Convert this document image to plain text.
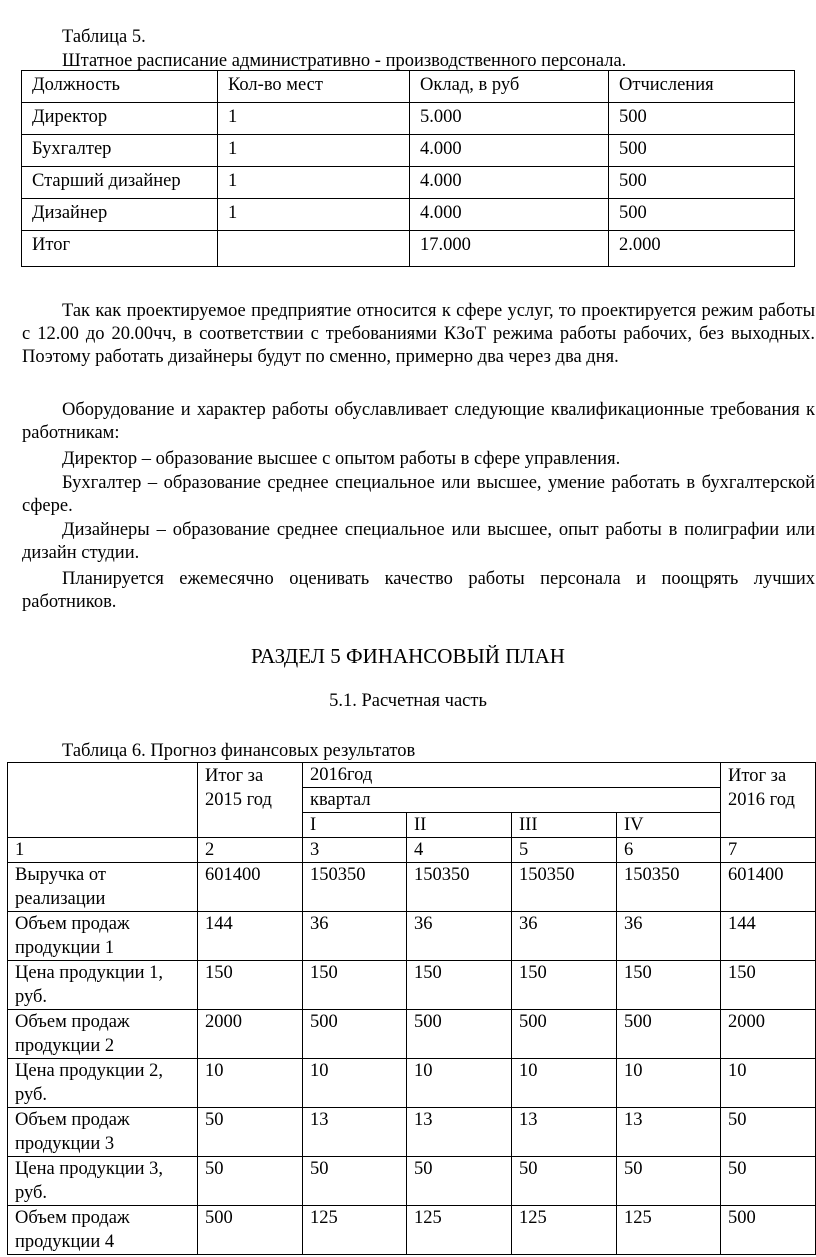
Таблица 5.
Штатное расписание административно - производственного персонала.
Должность	Кол-во мест	Оклад, в руб	Отчисления
Директор	1	5.000	500
Бухгалтер	1	4.000	500
Старший дизайнер	1	4.000	500
Дизайнер	1	4.000	500
Итог		17.000	2.000
Так как проектируемое предприятие относится к сфере услуг, то проектируется режим работы с 12.00 до 20.00чч, в соответствии с требованиями КЗоТ режима работы рабочих, без выходных. Поэтому работать дизайнеры будут по сменно, примерно два через два дня.
Оборудование и характер работы обуславливает следующие квалификационные требования к работникам:
Директор – образование высшее с опытом работы в сфере управления.
Бухгалтер – образование среднее специальное или высшее, умение работать в бухгалтерской сфере.
Дизайнеры – образование среднее специальное или высшее, опыт работы в полиграфии или дизайн студии.
Планируется ежемесячно оценивать качество работы персонала и поощрять лучших работников.
РАЗДЕЛ 5 ФИНАНСОВЫЙ ПЛАН
5.1. Расчетная часть
Таблица 6. Прогноз финансовых результатов
	Итог за 2015 год	2016год				Итог за 2016 год
		квартал				
		I	II	III	IV	
1	2	3	4	5	6	7
Выручка от реализации	601400	150350	150350	150350	150350	601400
Объем продаж продукции 1	144	36	36	36	36	144
Цена продукции 1, руб.	150	150	150	150	150	150
Объем продаж продукции 2	2000	500	500	500	500	2000
Цена продукции 2, руб.	10	10	10	10	10	10
Объем продаж продукции 3	50	13	13	13	13	50
Цена продукции 3, руб.	50	50	50	50	50	50
Объем продаж продукции 4	500	125	125	125	125	500
